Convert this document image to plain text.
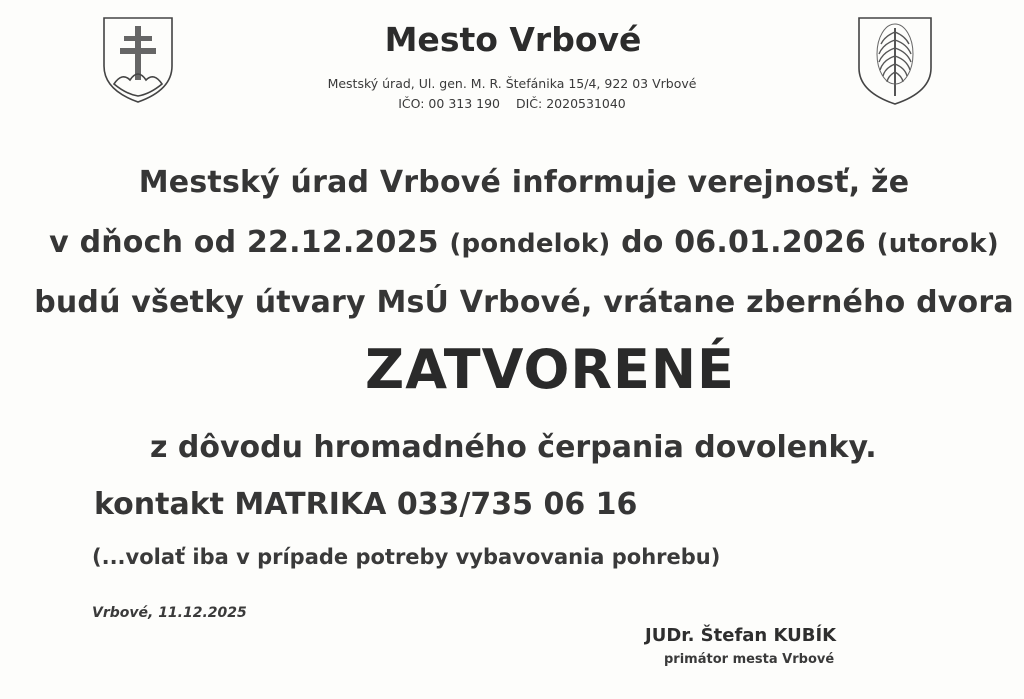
Mesto Vrbové
Mestský úrad, Ul. gen. M. R. Štefánika 15/4, 922 03 Vrbové
IČO: 00 313 190 DIČ: 2020531040
Mestský úrad Vrbové informuje verejnosť, že
v dňoch od 22.12.2025 (pondelok) do 06.01.2026 (utorok)
budú všetky útvary MsÚ Vrbové, vrátane zberného dvora
ZATVORENÉ
z dôvodu hromadného čerpania dovolenky.
kontakt MATRIKA 033/735 06 16
(...volať iba v prípade potreby vybavovania pohrebu)
Vrbové, 11.12.2025
JUDr. Štefan KUBÍK
primátor mesta Vrbové
